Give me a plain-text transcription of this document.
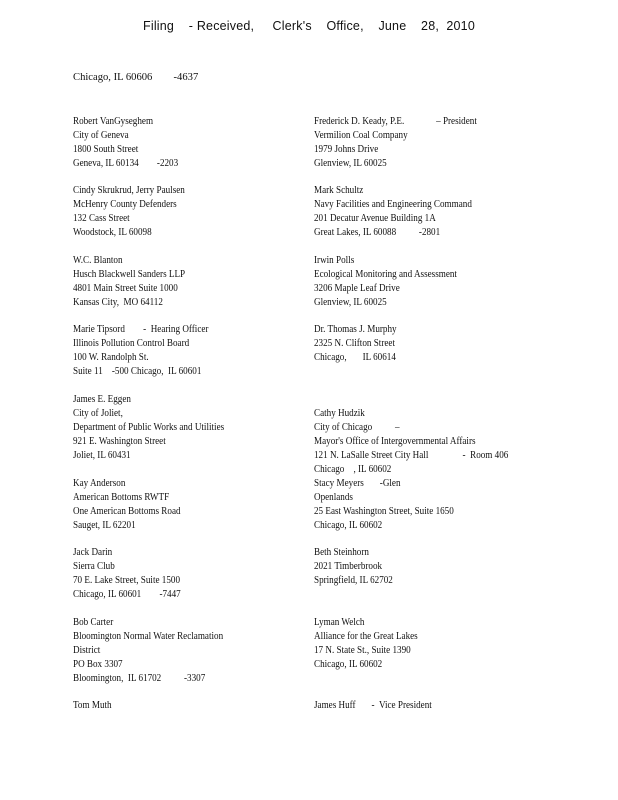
Filing    - Received,     Clerk's    Office,    June    28,  2010
Chicago, IL 60606        -4637
Robert VanGyseghem
City of Geneva
1800 South Street
Geneva, IL 60134        -2203
Cindy Skrukrud, Jerry Paulsen
McHenry County Defenders
132 Cass Street
Woodstock, IL 60098
W.C. Blanton
Husch Blackwell Sanders LLP
4801 Main Street Suite 1000
Kansas City,  MO 64112
Marie Tipsord        -  Hearing Officer
Illinois Pollution Control Board
100 W. Randolph St.
Suite 11    -500 Chicago,  IL 60601
James E. Eggen
City of Joliet,
Department of Public Works and Utilities
921 E. Washington Street
Joliet, IL 60431
Kay Anderson
American Bottoms RWTF
One American Bottoms Road
Sauget, IL 62201
Jack Darin
Sierra Club
70 E. Lake Street, Suite 1500
Chicago, IL 60601        -7447
Bob Carter
Bloomington Normal Water Reclamation
District
PO Box 3307
Bloomington,  IL 61702          -3307
Tom Muth
Frederick D. Keady, P.E.              – President
Vermilion Coal Company
1979 Johns Drive
Glenview, IL 60025
Mark Schultz
Navy Facilities and Engineering Command
201 Decatur Avenue Building 1A
Great Lakes, IL 60088          -2801
Irwin Polls
Ecological Monitoring and Assessment
3206 Maple Leaf Drive
Glenview, IL 60025
Dr. Thomas J. Murphy
2325 N. Clifton Street
Chicago,       IL 60614
Cathy Hudzik
City of Chicago          –
Mayor's Office of Intergovernmental Affairs
121 N. LaSalle Street City Hall               -  Room 406
Chicago    , IL 60602
Stacy Meyers       -Glen
Openlands
25 East Washington Street, Suite 1650
Chicago, IL 60602
Beth Steinhorn
2021 Timberbrook
Springfield, IL 62702
Lyman Welch
Alliance for the Great Lakes
17 N. State St., Suite 1390
Chicago, IL 60602
James Huff       -  Vice President
